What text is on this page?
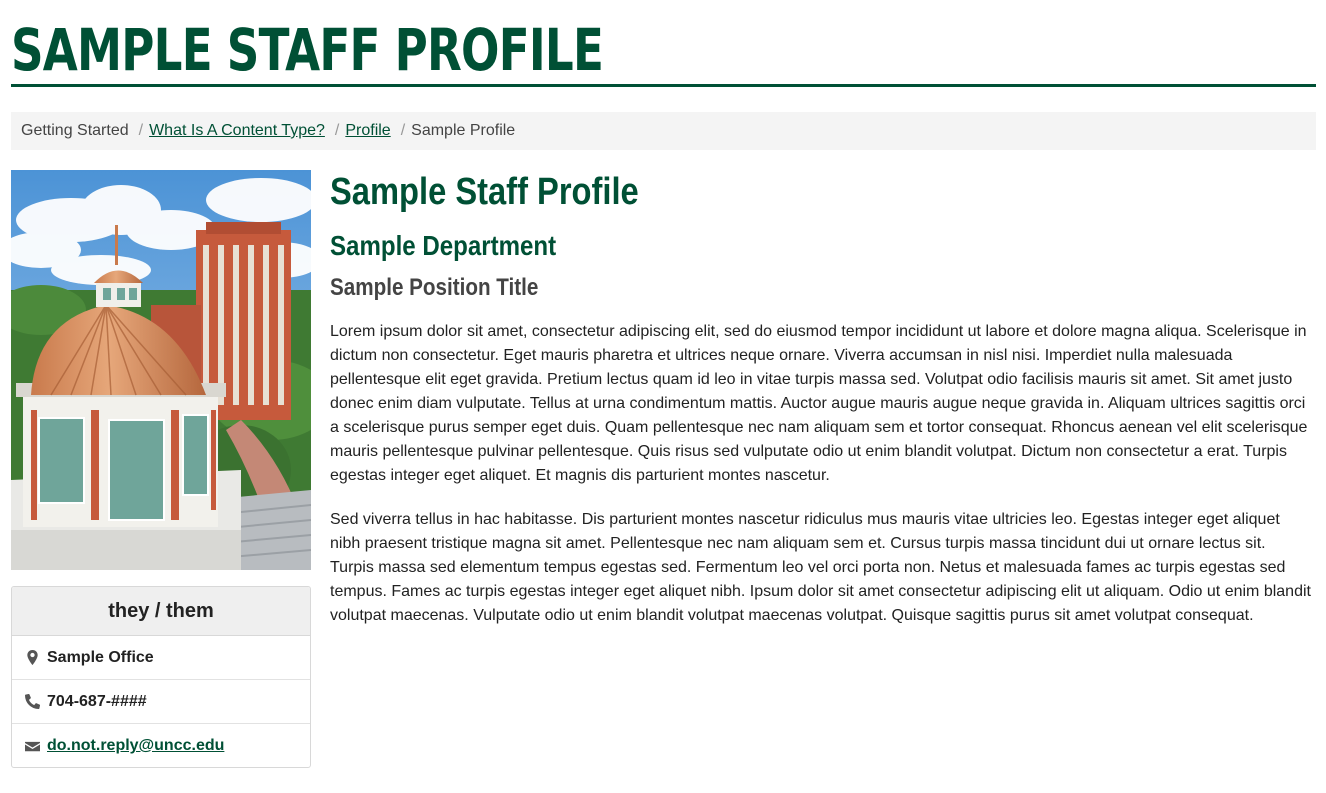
SAMPLE STAFF PROFILE
Getting Started / What Is A Content Type? / Profile / Sample Profile
they / them
Sample Office
704-687-####
do.not.reply@uncc.edu
Sample Staff Profile
Sample Department
Sample Position Title

Lorem ipsum dolor sit amet, consectetur adipiscing elit, sed do eiusmod tempor incididunt ut labore et dolore magna aliqua. Scelerisque in dictum non consectetur. Eget mauris pharetra et ultrices neque ornare. Viverra accumsan in nisl nisi. Imperdiet nulla malesuada pellentesque elit eget gravida. Pretium lectus quam id leo in vitae turpis massa sed. Volutpat odio facilisis mauris sit amet. Sit amet justo donec enim diam vulputate. Tellus at urna condimentum mattis. Auctor augue mauris augue neque gravida in. Aliquam ultrices sagittis orci a scelerisque purus semper eget duis. Quam pellentesque nec nam aliquam sem et tortor consequat. Rhoncus aenean vel elit scelerisque mauris pellentesque pulvinar pellentesque. Quis risus sed vulputate odio ut enim blandit volutpat. Dictum non consectetur a erat. Turpis egestas integer eget aliquet. Et magnis dis parturient montes nascetur.

Sed viverra tellus in hac habitasse. Dis parturient montes nascetur ridiculus mus mauris vitae ultricies leo. Egestas integer eget aliquet nibh praesent tristique magna sit amet. Pellentesque nec nam aliquam sem et. Cursus turpis massa tincidunt dui ut ornare lectus sit. Turpis massa sed elementum tempus egestas sed. Fermentum leo vel orci porta non. Netus et malesuada fames ac turpis egestas sed tempus. Fames ac turpis egestas integer eget aliquet nibh. Ipsum dolor sit amet consectetur adipiscing elit ut aliquam. Odio ut enim blandit volutpat maecenas. Vulputate odio ut enim blandit volutpat maecenas volutpat. Quisque sagittis purus sit amet volutpat consequat.
